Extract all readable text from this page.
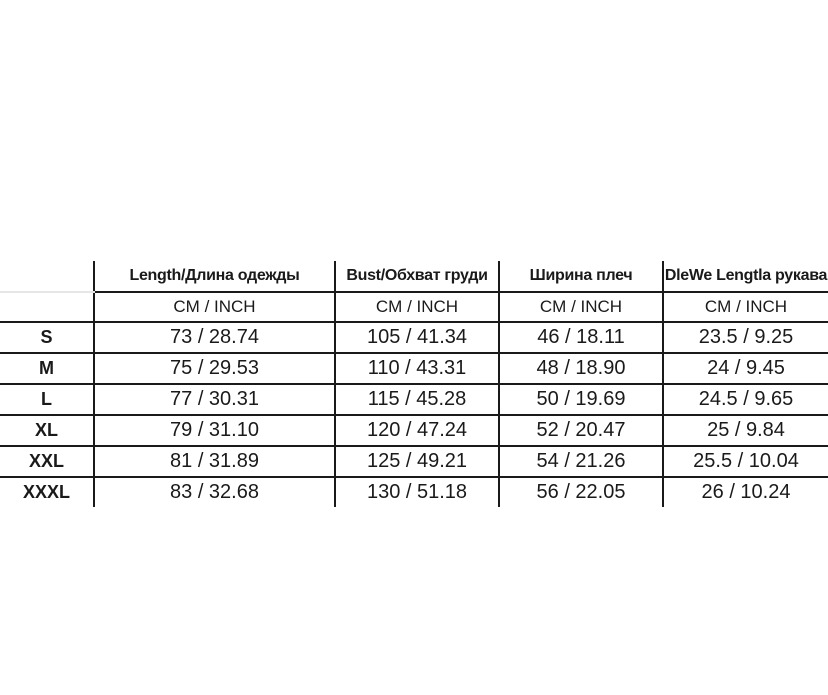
	Length/Длина одежды	Bust/Обхват груди	Ширина плеч	DleWe Lengtla рукава
	CM / INCH	CM / INCH	CM / INCH	CM / INCH
S	73 / 28.74	105 / 41.34	46 / 18.11	23.5 / 9.25
M	75 / 29.53	110 / 43.31	48 / 18.90	24 / 9.45
L	77 / 30.31	115 / 45.28	50 / 19.69	24.5 / 9.65
XL	79 / 31.10	120 / 47.24	52 / 20.47	25 / 9.84
XXL	81 / 31.89	125 / 49.21	54 / 21.26	25.5 / 10.04
XXXL	83 / 32.68	130 / 51.18	56 / 22.05	26 / 10.24
